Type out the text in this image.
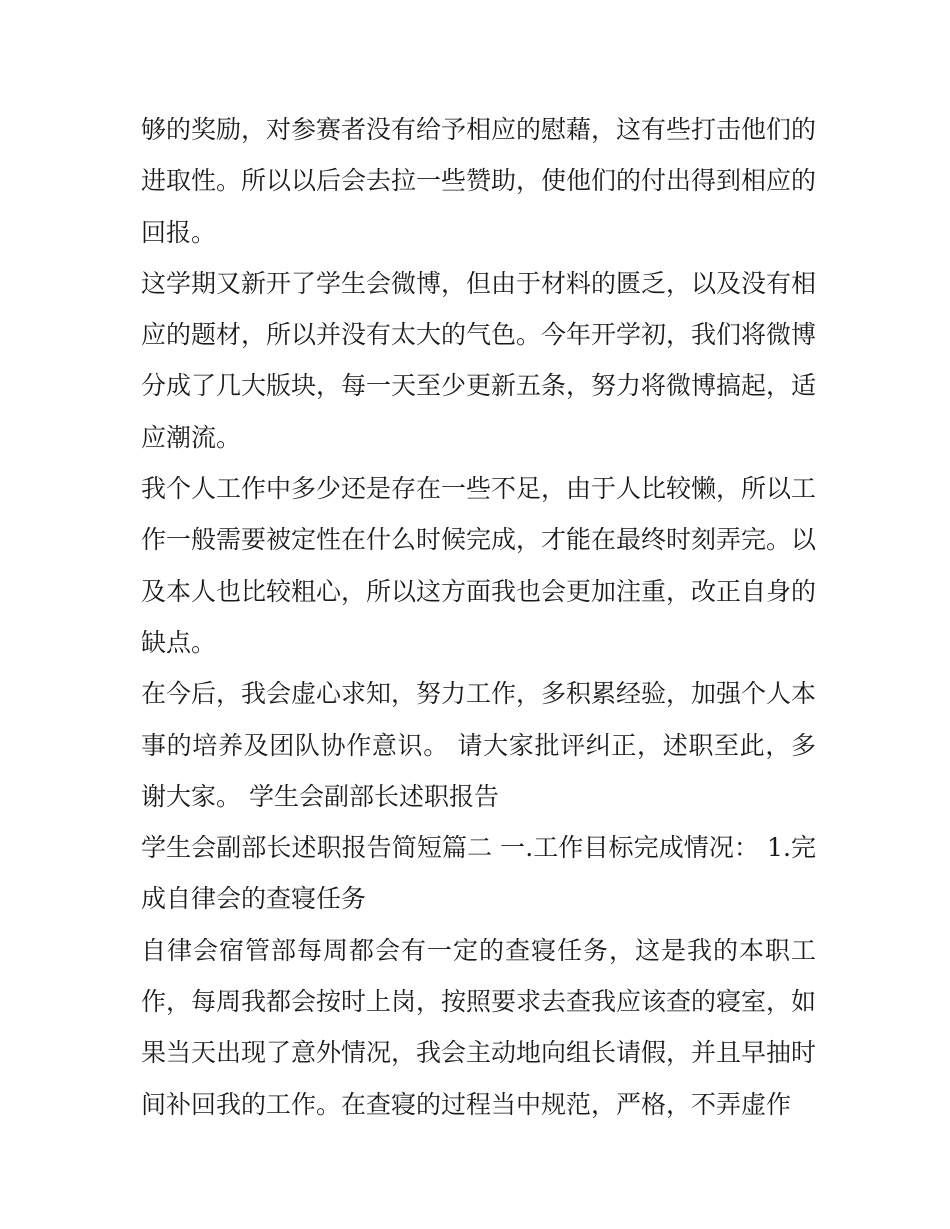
够的奖励，对参赛者没有给予相应的慰藉，这有些打击他们的
进取性。所以以后会去拉一些赞助，使他们的付出得到相应的
回报。
这学期又新开了学生会微博，但由于材料的匮乏，以及没有相
应的题材，所以并没有太大的气色。今年开学初，我们将微博
分成了几大版块，每一天至少更新五条，努力将微博搞起，适
应潮流。
我个人工作中多少还是存在一些不足，由于人比较懒，所以工
作一般需要被定性在什么时候完成，才能在最终时刻弄完。以
及本人也比较粗心，所以这方面我也会更加注重，改正自身的
缺点。
在今后，我会虚心求知，努力工作，多积累经验，加强个人本
事的培养及团队协作意识。 请大家批评纠正，述职至此，多
谢大家。 学生会副部长述职报告
学生会副部长述职报告简短篇二 一.工作目标完成情况： 1.完
成自律会的查寝任务
自律会宿管部每周都会有一定的查寝任务，这是我的本职工
作，每周我都会按时上岗，按照要求去查我应该查的寝室，如
果当天出现了意外情况，我会主动地向组长请假，并且早抽时
间补回我的工作。在查寝的过程当中规范，严格，不弄虚作
